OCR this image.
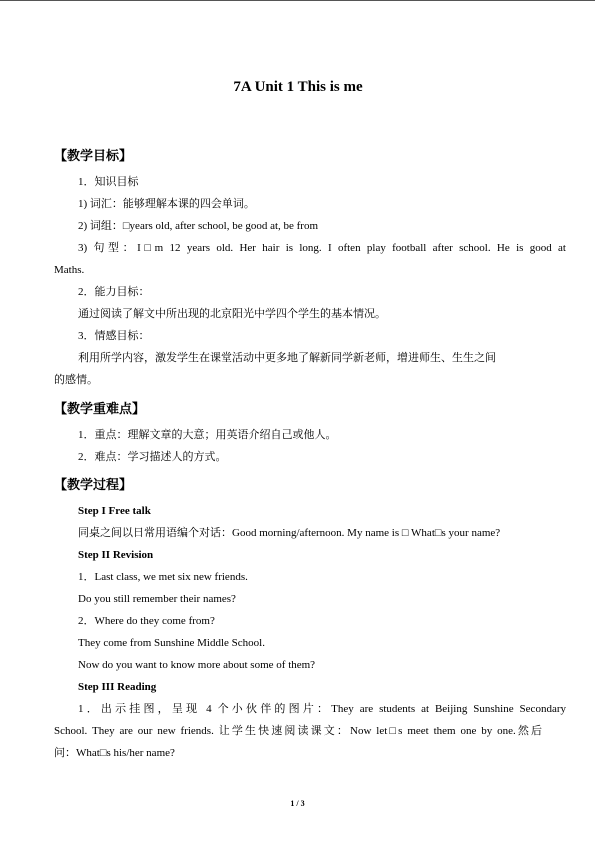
7A Unit 1 This is me
【教学目标】
1．知识目标
1) 词汇：能够理解本课的四会单词。
2) 词组：□years old, after school, be good at, be from
3) 句型：I□m 12 years old. Her hair is long. I often play football after school. He is good at
Maths.
2．能力目标：
通过阅读了解文中所出现的北京阳光中学四个学生的基本情况。
3．情感目标：
利用所学内容，激发学生在课堂活动中更多地了解新同学新老师，增进师生、生生之间
的感情。
【教学重难点】
1．重点：理解文章的大意；用英语介绍自己或他人。
2．难点：学习描述人的方式。
【教学过程】
Step I Free talk
同桌之间以日常用语编个对话：Good morning/afternoon. My name is □ What□s your name?
Step II Revision
1．Last class, we met six new friends.
Do you still remember their names?
2．Where do they come from?
They come from Sunshine Middle School.
Now do you want to know more about some of them?
Step III Reading
1．出示挂图，呈现 4 个小伙伴的图片：They are students at Beijing Sunshine Secondary
School. They are our new friends. 让学生快速阅读课文：Now let□s meet them one by one.然后
问：What□s his/her name?
1 / 3
